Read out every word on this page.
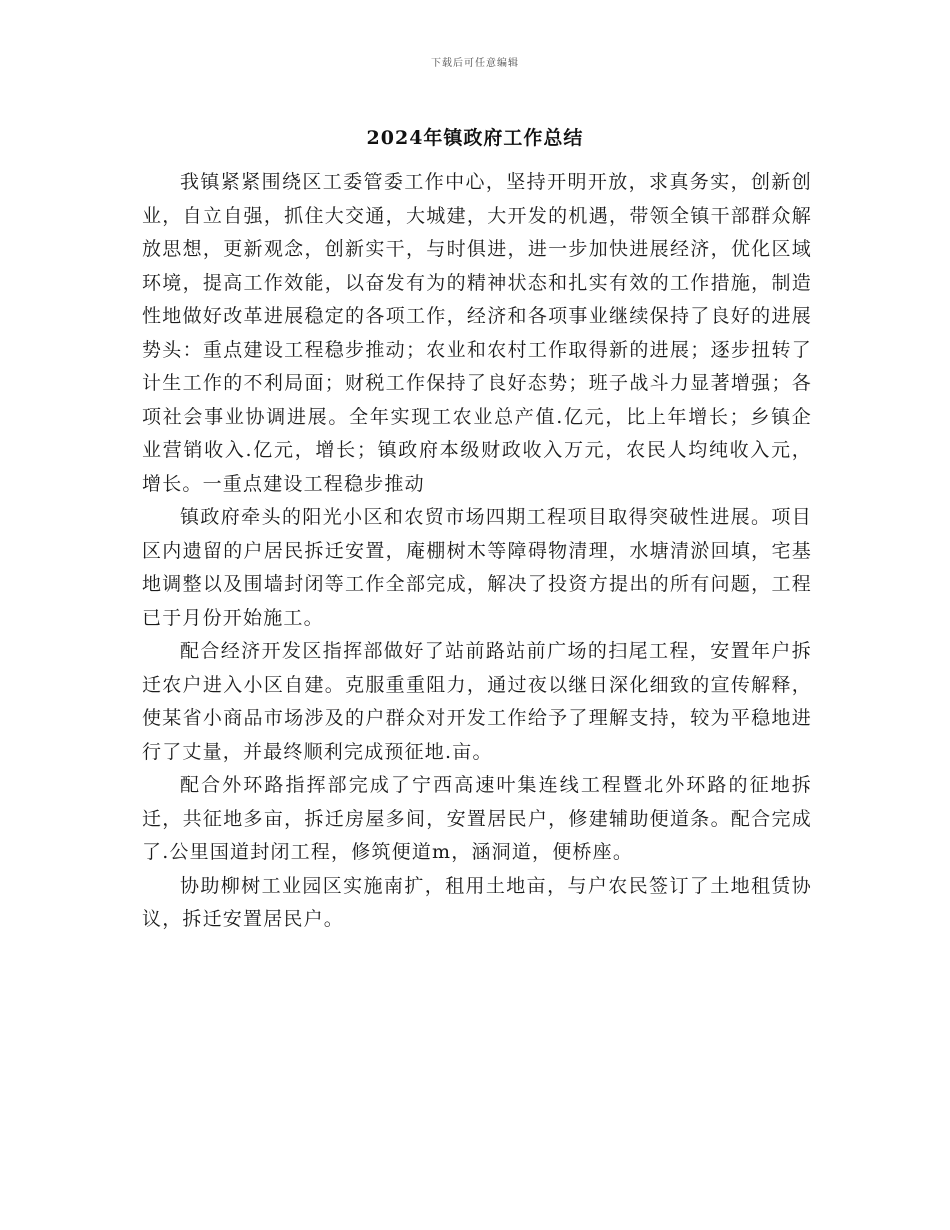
下载后可任意编辑
2024年镇政府工作总结

我镇紧紧围绕区工委管委工作中心，坚持开明开放，求真务实，创新创业，自立自强，抓住大交通，大城建，大开发的机遇，带领全镇干部群众解放思想，更新观念，创新实干，与时俱进，进一步加快进展经济，优化区域环境，提高工作效能，以奋发有为的精神状态和扎实有效的工作措施，制造性地做好改革进展稳定的各项工作，经济和各项事业继续保持了良好的进展势头：重点建设工程稳步推动；农业和农村工作取得新的进展；逐步扭转了计生工作的不利局面；财税工作保持了良好态势；班子战斗力显著增强；各项社会事业协调进展。全年实现工农业总产值.亿元，比上年增长；乡镇企业营销收入.亿元，增长；镇政府本级财政收入万元，农民人均纯收入元，增长。一重点建设工程稳步推动

镇政府牵头的阳光小区和农贸市场四期工程项目取得突破性进展。项目区内遗留的户居民拆迁安置，庵棚树木等障碍物清理，水塘清淤回填，宅基地调整以及围墙封闭等工作全部完成，解决了投资方提出的所有问题，工程已于月份开始施工。

配合经济开发区指挥部做好了站前路站前广场的扫尾工程，安置年户拆迁农户进入小区自建。克服重重阻力，通过夜以继日深化细致的宣传解释，使某省小商品市场涉及的户群众对开发工作给予了理解支持，较为平稳地进行了丈量，并最终顺利完成预征地.亩。

配合外环路指挥部完成了宁西高速叶集连线工程暨北外环路的征地拆迁，共征地多亩，拆迁房屋多间，安置居民户，修建辅助便道条。配合完成了.公里国道封闭工程，修筑便道m，涵洞道，便桥座。

协助柳树工业园区实施南扩，租用土地亩，与户农民签订了土地租赁协议，拆迁安置居民户。
